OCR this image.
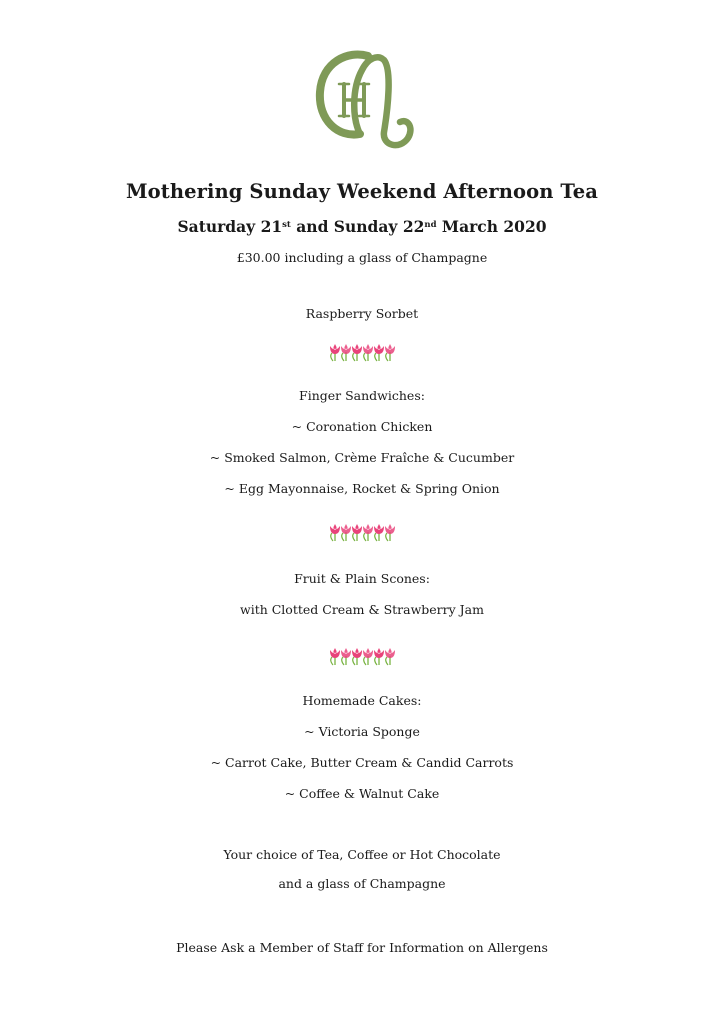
Mothering Sunday Weekend Afternoon Tea
Saturday 21st and Sunday 22nd March 2020
£30.00 including a glass of Champagne
Raspberry Sorbet
Finger Sandwiches:
~ Coronation Chicken
~ Smoked Salmon, Crème Fraîche & Cucumber
~ Egg Mayonnaise, Rocket & Spring Onion
Fruit & Plain Scones:
with Clotted Cream & Strawberry Jam
Homemade Cakes:
~ Victoria Sponge
~ Carrot Cake, Butter Cream & Candid Carrots
~ Coffee & Walnut Cake
Your choice of Tea, Coffee or Hot Chocolate
and a glass of Champagne
Please Ask a Member of Staff for Information on Allergens
